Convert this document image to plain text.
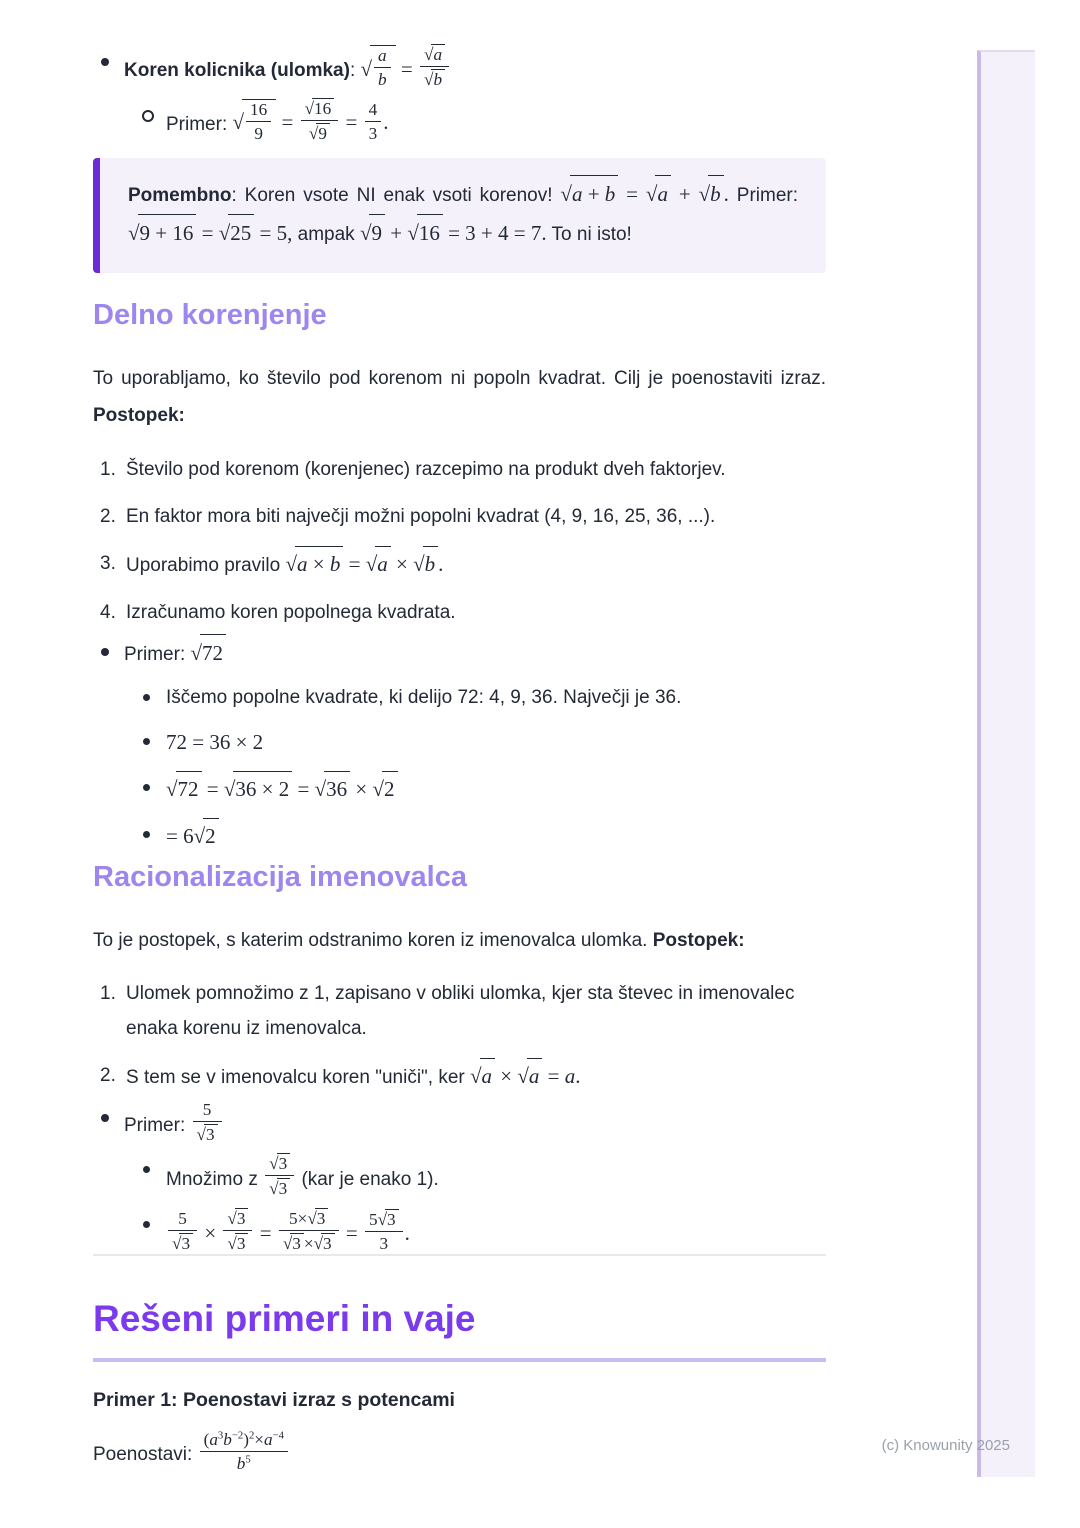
(c) Knowunity 2025
Koren kolicnika (ulomka): √ $\frac{a}{b} = \frac{√a}{√b}$
Primer: √ $\frac{16}{9} = \frac{√16}{√9} = \frac{4}{3}$ .

Pomembno: Koren vsote NI enak vsoti korenov! √a + b = √a + √b . Primer: √9 + 16 = √25 = 5, ampak √9 + √16 = 3 + 4 = 7. To ni isto!

Delno korenjenje

To uporabljamo, ko število pod korenom ni popoln kvadrat. Cilj je poenostaviti izraz. Postopek:

Število pod korenom (korenjenec) razcepimo na produkt dveh faktorjev.
En faktor mora biti največji možni popolni kvadrat (4, 9, 16, 25, 36, ...).
Uporabimo pravilo √a × b = √a × √b .
Izračunamo koren popolnega kvadrata.
Primer: √72
Iščemo popolne kvadrate, ki delijo 72: 4, 9, 36. Največji je 36.
72 = 36 × 2
√72 = √36 × 2 = √36 × √2
= 6√2
Racionalizacija imenovalca

To je postopek, s katerim odstranimo koren iz imenovalca ulomka. Postopek:

Ulomek pomnožimo z 1, zapisano v obliki ulomka, kjer sta števec in imenovalec enaka korenu iz imenovalca.
S tem se v imenovalcu koren "uniči", ker √a × √a = a.
Primer: $\frac{5}{√3}$
Množimo z $\frac{√3}{√3} (kar$ je enako 1).
$\frac{5}{√3} \times \frac{√3}{√3} = \frac{5\times√3}{√3 \times√3} = \frac{5√3}{3}$ .
Rešeni primeri in vaje

Primer 1: Poenostavi izraz s potencami

Poenostavi: $\frac{(a^3b^{-2})^2\times a^{-4}}{b^5}$
